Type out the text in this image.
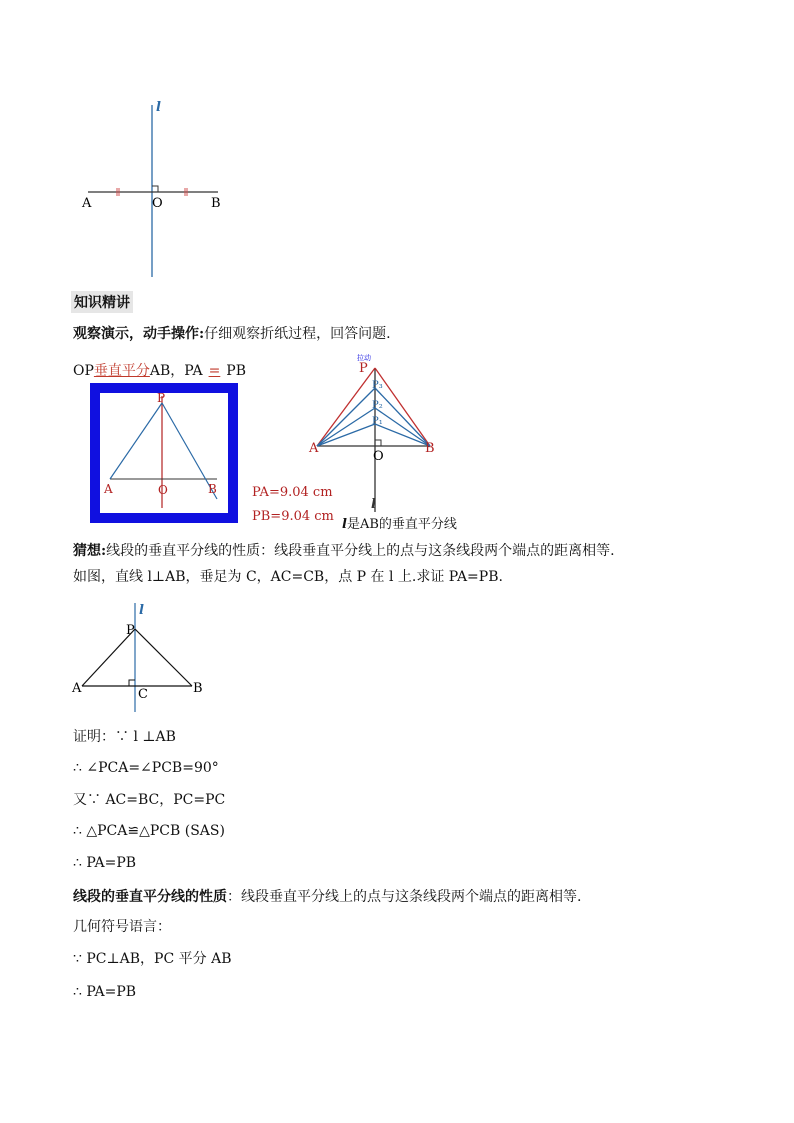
l
A	O	B
知识精讲
观察演示，动手操作:仔细观察折纸过程，回答问题.
OP垂直平分AB，PA = PB
P
A	O	B	PA=9.04 cm
PB=9.04 cm
拉动
P
P₃
P₂
P₁
A
O
B
l
l是AB的垂直平分线
猜想:线段的垂直平分线的性质：线段垂直平分线上的点与这条线段两个端点的距离相等.
如图，直线 l⊥AB，垂足为 C，AC=CB，点 P 在 l 上.求证 PA=PB.
l
P
A	C	B
证明：∵ l ⊥AB
∴ ∠PCA=∠PCB=90°
又∵ AC=BC，PC=PC
∴ △PCA≌△PCB (SAS)
∴ PA=PB
线段的垂直平分线的性质：线段垂直平分线上的点与这条线段两个端点的距离相等.
几何符号语言：
∵ PC⊥AB，PC 平分 AB
∴ PA=PB
